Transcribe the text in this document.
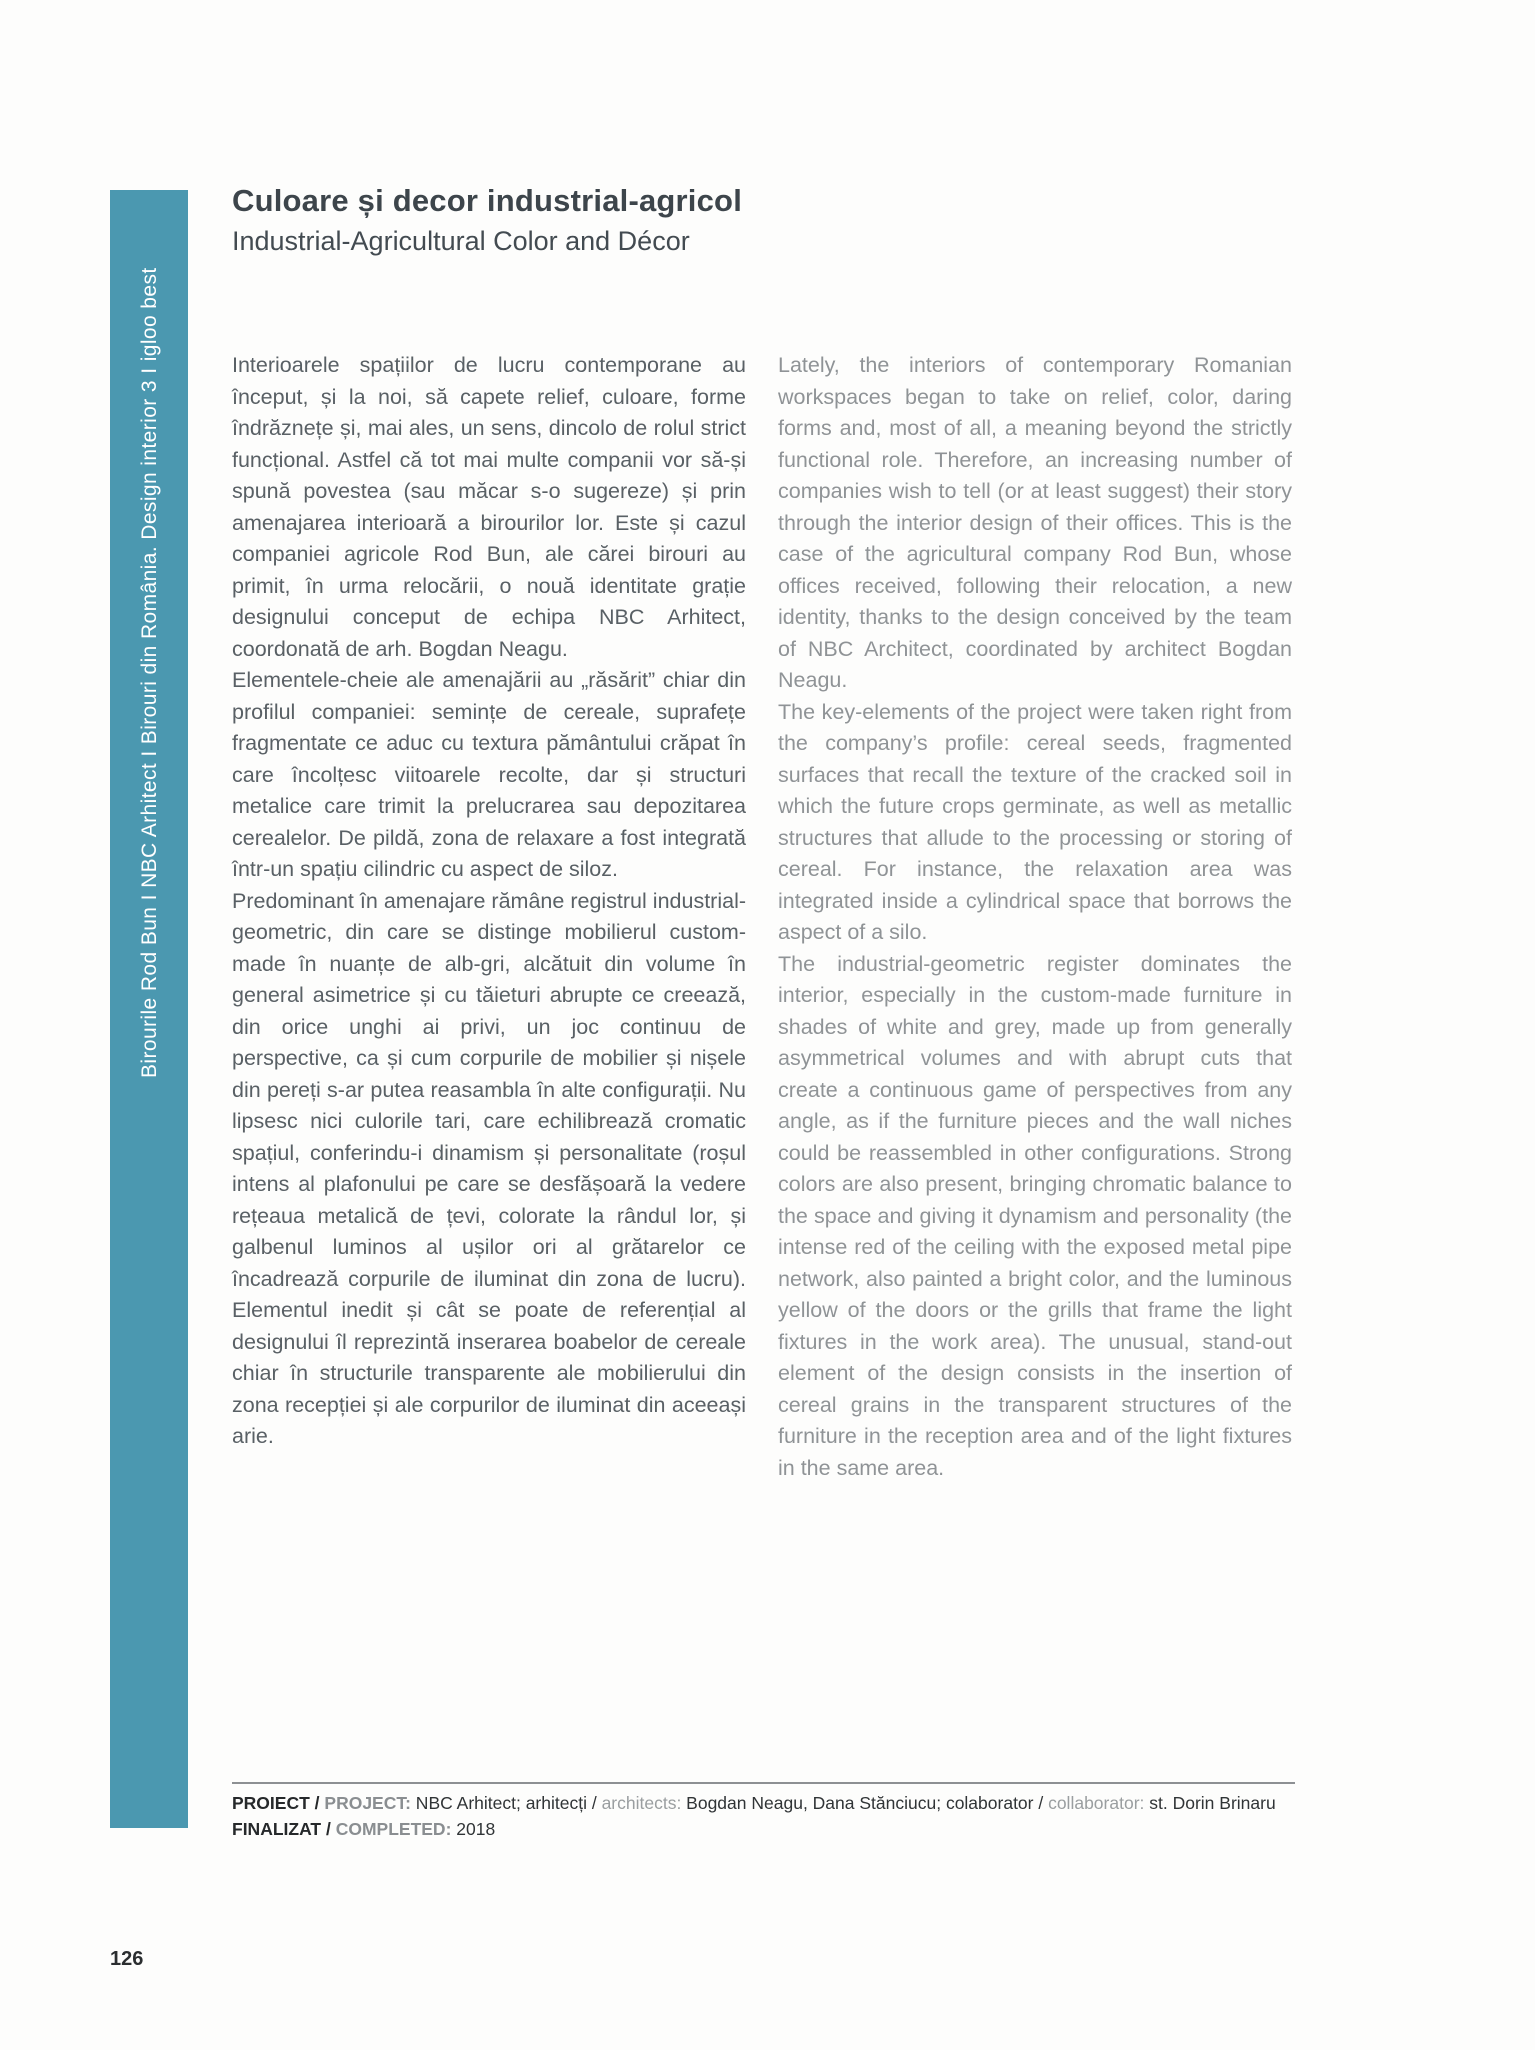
Birourile Rod Bun I NBC Arhitect I Birouri din România. Design interior 3 I igloo best
Culoare și decor industrial-agricol
Industrial-Agricultural Color and Décor

Interioarele spațiilor de lucru contemporane au început, și la noi, să capete relief, culoare, forme îndrăznețe și, mai ales, un sens, dincolo de rolul strict funcțional. Astfel că tot mai multe companii vor să-și spună povestea (sau măcar s-o sugereze) și prin amenajarea interioară a birourilor lor. Este și cazul companiei agricole Rod Bun, ale cărei birouri au primit, în urma relocării, o nouă identitate grație designului conceput de echipa NBC Arhitect, coordonată de arh. Bogdan Neagu.

Elementele-cheie ale amenajării au „răsărit” chiar din profilul companiei: semințe de cereale, suprafețe fragmentate ce aduc cu textura pământului crăpat în care încolțesc viitoarele recolte, dar și structuri metalice care trimit la prelucrarea sau depozitarea cerealelor. De pildă, zona de relaxare a fost integrată într-un spațiu cilindric cu aspect de siloz.

Predominant în amenajare rămâne registrul industrial-geometric, din care se distinge mobilierul custom-made în nuanțe de alb-gri, alcătuit din volume în general asimetrice și cu tăieturi abrupte ce creează, din orice unghi ai privi, un joc continuu de perspective, ca și cum corpurile de mobilier și nișele din pereți s-ar putea reasambla în alte configurații. Nu lipsesc nici culorile tari, care echilibrează cromatic spațiul, conferindu-i dinamism și personalitate (roșul intens al plafonului pe care se desfășoară la vedere rețeaua metalică de țevi, colorate la rândul lor, și galbenul luminos al ușilor ori al grătarelor ce încadrează corpurile de iluminat din zona de lucru). Elementul inedit și cât se poate de referențial al designului îl reprezintă inserarea boabelor de cereale chiar în structurile transparente ale mobilierului din zona recepției și ale corpurilor de iluminat din aceeași arie.

Lately, the interiors of contemporary Romanian workspaces began to take on relief, color, daring forms and, most of all, a meaning beyond the strictly functional role. Therefore, an increasing number of companies wish to tell (or at least suggest) their story through the interior design of their offices. This is the case of the agricultural company Rod Bun, whose offices received, following their relocation, a new identity, thanks to the design conceived by the team of NBC Architect, coordinated by architect Bogdan Neagu.

The key-elements of the project were taken right from the company’s profile: cereal seeds, fragmented surfaces that recall the texture of the cracked soil in which the future crops germinate, as well as metallic structures that allude to the processing or storing of cereal. For instance, the relaxation area was integrated inside a cylindrical space that borrows the aspect of a silo.

The industrial-geometric register dominates the interior, especially in the custom-made furniture in shades of white and grey, made up from generally asymmetrical volumes and with abrupt cuts that create a continuous game of perspectives from any angle, as if the furniture pieces and the wall niches could be reassembled in other configurations. Strong colors are also present, bringing chromatic balance to the space and giving it dynamism and personality (the intense red of the ceiling with the exposed metal pipe network, also painted a bright color, and the luminous yellow of the doors or the grills that frame the light fixtures in the work area). The unusual, stand-out element of the design consists in the insertion of cereal grains in the transparent structures of the furniture in the reception area and of the light fixtures in the same area.

PROIECT / PROJECT: NBC Arhitect; arhitecți / architects: Bogdan Neagu, Dana Stănciucu; colaborator / collaborator: st. Dorin Brinaru
FINALIZAT / COMPLETED: 2018
126
